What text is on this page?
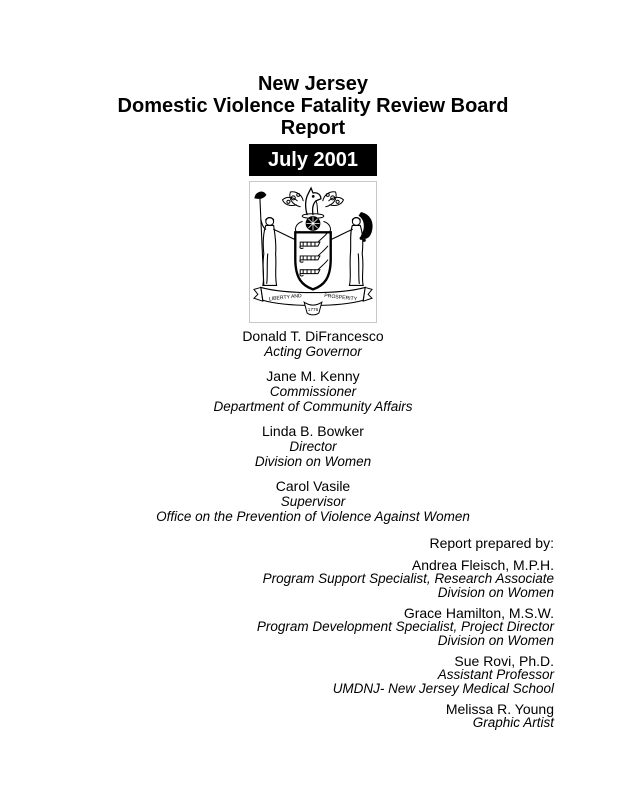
New Jersey
Domestic Violence Fatality Review Board
Report
July 2001
LIBERTY AND	PROSPERITY
1776
Donald T. DiFrancesco
Acting Governor
Jane M. Kenny
Commissioner
Department of Community Affairs
Linda B. Bowker
Director
Division on Women
Carol Vasile
Supervisor
Office on the Prevention of Violence Against Women
Report prepared by:
Andrea Fleisch, M.P.H.
Program Support Specialist, Research Associate
Division on Women
Grace Hamilton, M.S.W.
Program Development Specialist, Project Director
Division on Women
Sue Rovi, Ph.D.
Assistant Professor
UMDNJ- New Jersey Medical School
Melissa R. Young
Graphic Artist
